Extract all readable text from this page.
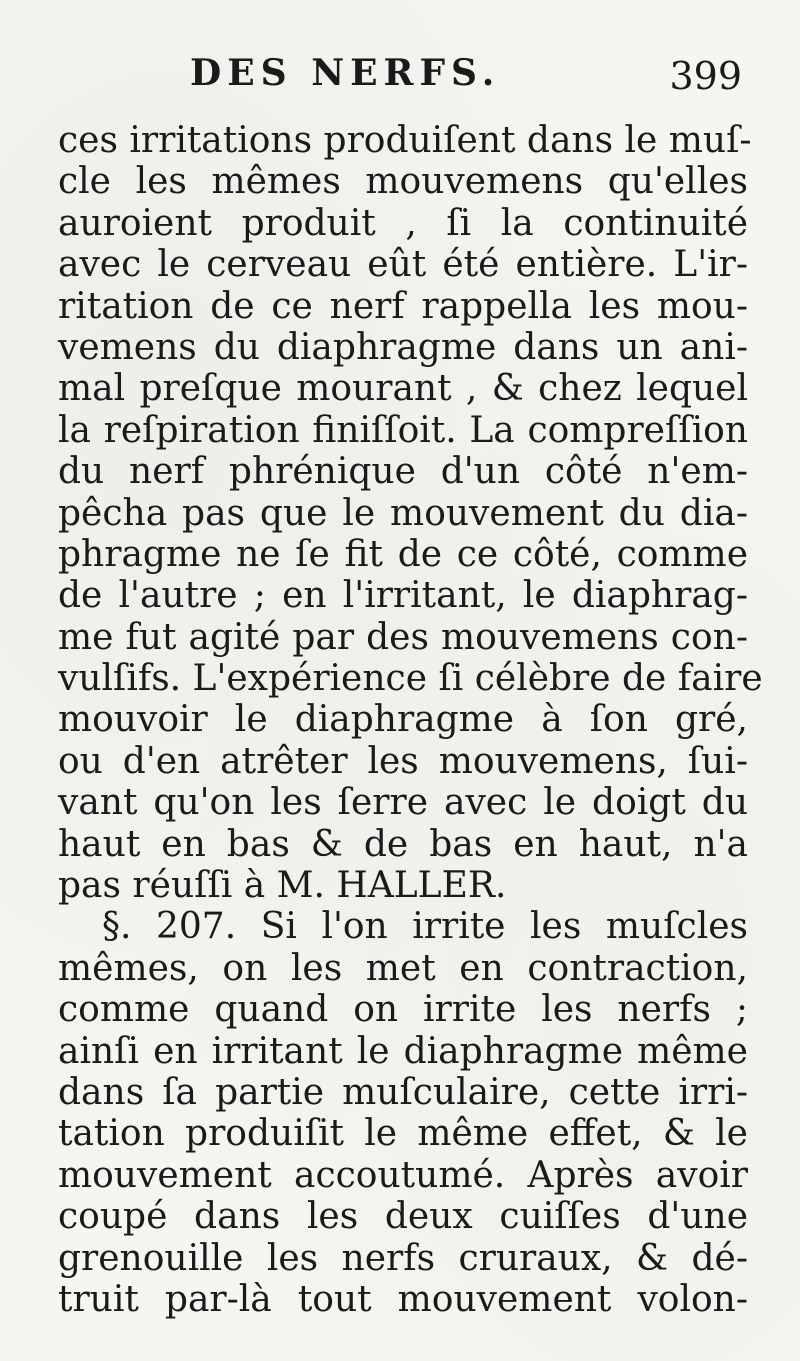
DES NERFS.	399
ces irritations produiſent dans le muſ-
cle les mêmes mouvemens qu'elles
auroient produit , ſi la continuité
avec le cerveau eût été entière. L'ir-
ritation de ce nerf rappella les mou-
vemens du diaphragme dans un ani-
mal preſque mourant , & chez lequel
la reſpiration finiſſoit. La compreſſion
du nerf phrénique d'un côté n'em-
pêcha pas que le mouvement du dia-
phragme ne ſe fit de ce côté, comme
de l'autre ; en l'irritant, le diaphrag-
me fut agité par des mouvemens con-
vulſifs. L'expérience ſi célèbre de faire
mouvoir le diaphragme à ſon gré,
ou d'en atrêter les mouvemens, ſui-
vant qu'on les ſerre avec le doigt du
haut en bas & de bas en haut, n'a
pas réuſſi à M. HALLER.
§. 207. Si l'on irrite les muſcles
mêmes, on les met en contraction,
comme quand on irrite les nerfs ;
ainſi en irritant le diaphragme même
dans ſa partie muſculaire, cette irri-
tation produiſit le même effet, & le
mouvement accoutumé. Après avoir
coupé dans les deux cuiſſes d'une
grenouille les nerfs cruraux, & dé-
truit par-là tout mouvement volon-
